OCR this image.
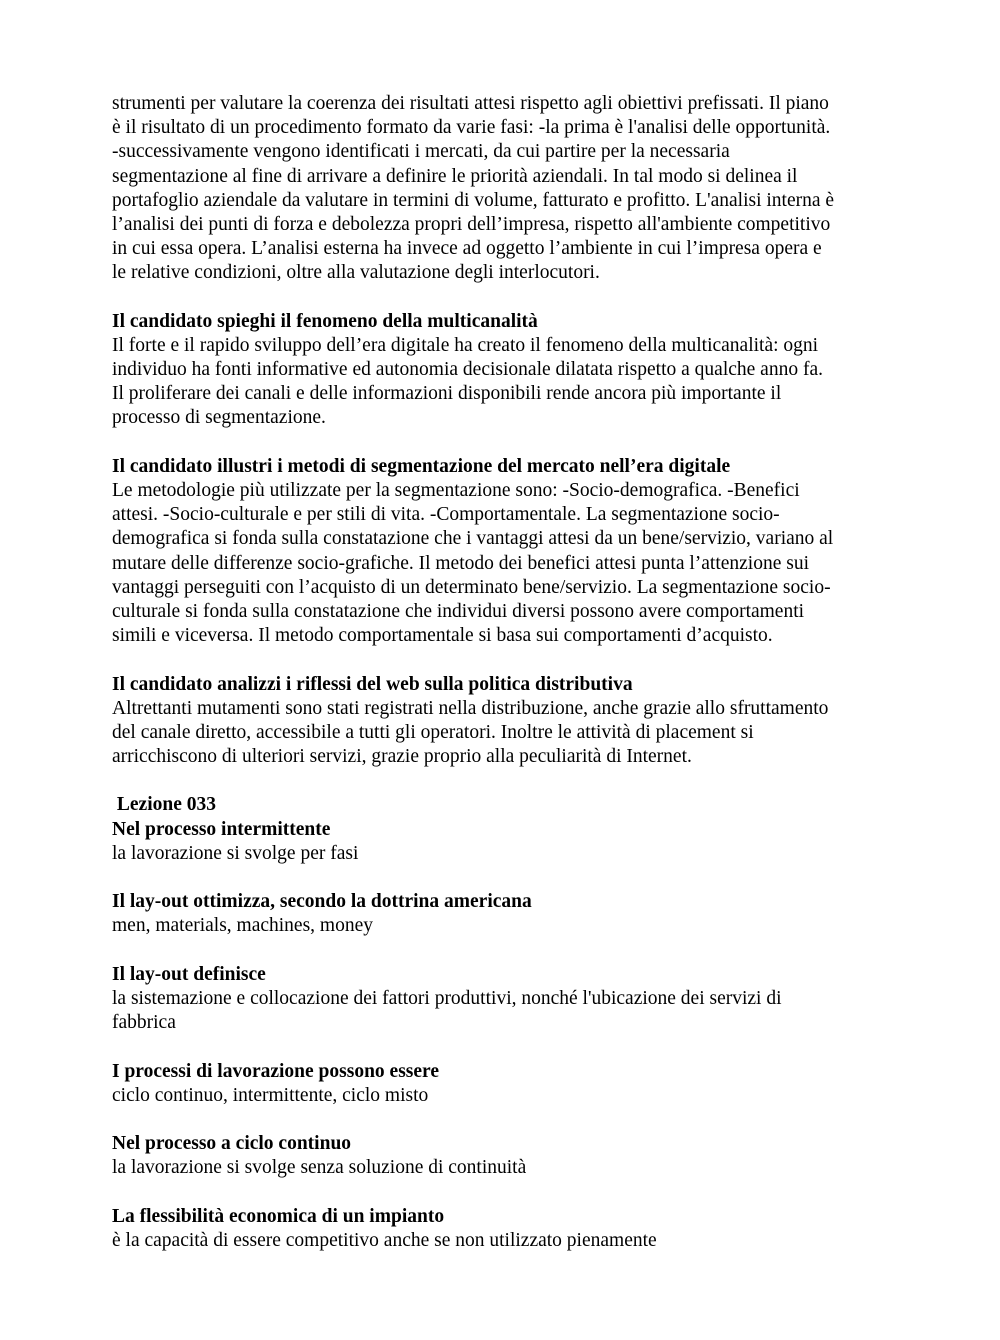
strumenti per valutare la coerenza dei risultati attesi rispetto agli obiettivi prefissati. Il piano
è il risultato di un procedimento formato da varie fasi: -la prima è l'analisi delle opportunità.
-successivamente vengono identificati i mercati, da cui partire per la necessaria
segmentazione al fine di arrivare a definire le priorità aziendali. In tal modo si delinea il
portafoglio aziendale da valutare in termini di volume, fatturato e profitto. L'analisi interna è
l’analisi dei punti di forza e debolezza propri dell’impresa, rispetto all'ambiente competitivo
in cui essa opera. L’analisi esterna ha invece ad oggetto l’ambiente in cui l’impresa opera e
le relative condizioni, oltre alla valutazione degli interlocutori.
Il candidato spieghi il fenomeno della multicanalità
Il forte e il rapido sviluppo dell’era digitale ha creato il fenomeno della multicanalità: ogni
individuo ha fonti informative ed autonomia decisionale dilatata rispetto a qualche anno fa.
Il proliferare dei canali e delle informazioni disponibili rende ancora più importante il
processo di segmentazione.
Il candidato illustri i metodi di segmentazione del mercato nell’era digitale
Le metodologie più utilizzate per la segmentazione sono: -Socio-demografica. -Benefici
attesi. -Socio-culturale e per stili di vita. -Comportamentale. La segmentazione socio-
demografica si fonda sulla constatazione che i vantaggi attesi da un bene/servizio, variano al
mutare delle differenze socio-grafiche. Il metodo dei benefici attesi punta l’attenzione sui
vantaggi perseguiti con l’acquisto di un determinato bene/servizio. La segmentazione socio-
culturale si fonda sulla constatazione che individui diversi possono avere comportamenti
simili e viceversa. Il metodo comportamentale si basa sui comportamenti d’acquisto.
Il candidato analizzi i riflessi del web sulla politica distributiva
Altrettanti mutamenti sono stati registrati nella distribuzione, anche grazie allo sfruttamento
del canale diretto, accessibile a tutti gli operatori. Inoltre le attività di placement si
arricchiscono di ulteriori servizi, grazie proprio alla peculiarità di Internet.
Lezione 033
Nel processo intermittente
la lavorazione si svolge per fasi
Il lay-out ottimizza, secondo la dottrina americana
men, materials, machines, money
Il lay-out definisce
la sistemazione e collocazione dei fattori produttivi, nonché l'ubicazione dei servizi di
fabbrica
I processi di lavorazione possono essere
ciclo continuo, intermittente, ciclo misto
Nel processo a ciclo continuo
la lavorazione si svolge senza soluzione di continuità
La flessibilità economica di un impianto
è la capacità di essere competitivo anche se non utilizzato pienamente
